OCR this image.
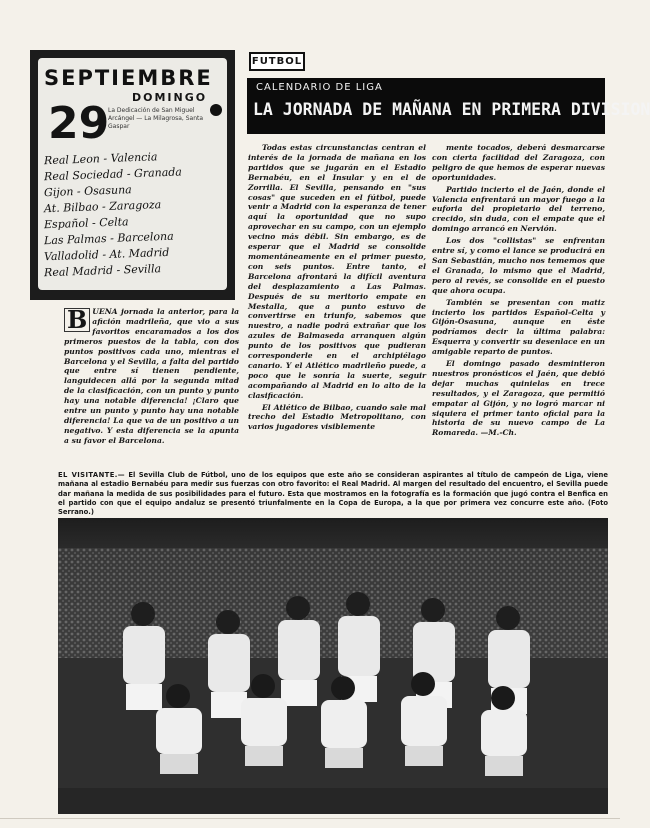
SEPTIEMBRE
DOMINGO
29
La Dedicación de San Miguel Arcángel — La Milagrosa, Santa Gaspar
Real Leon - Valencia
Real Sociedad - Granada
Gijon - Osasuna
At. Bilbao - Zaragoza
Español - Celta
Las Palmas - Barcelona
Valladolid - At. Madrid
Real Madrid - Sevilla
FUTBOL
CALENDARIO DE LIGA
LA JORNADA DE MAÑANA EN PRIMERA DIVISION

Todas estas circunstancias centran el interés de la jornada de mañana en los partidos que se jugarán en el Estadio Bernabéu, en el Insular y en el de Zorrilla. El Sevilla, pensando en "sus cosas" que suceden en el fútbol, puede venir a Madrid con la esperanza de tener aquí la oportunidad que no supo aprovechar en su campo, con un ejemplo vecino más débil. Sin embargo, es de esperar que el Madrid se consolide momentáneamente en el primer puesto, con seis puntos. Entre tanto, el Barcelona afrontará la difícil aventura del desplazamiento a Las Palmas. Después de su meritorio empate en Mestalla, que a punto estuvo de convertirse en triunfo, sabemos que nuestro, a nadie podrá extrañar que los azules de Balmaseda arranquen algún punto de los positivos que pudieran corresponderle en el archipiélago canario. Y el Atlético madrileño puede, a poco que le sonría la suerte, seguir acompañando al Madrid en lo alto de la clasificación.

El Atlético de Bilbao, cuando sale mal trecho del Estadio Metropolitano, con varios jugadores visiblemente

mente tocados, deberá desmarcarse con cierta facilidad del Zaragoza, con peligro de que hemos de esperar nuevas oportunidades.

Partido incierto el de Jaén, donde el Valencia enfrentará un mayor fuego a la euforia del propietario del terreno, crecido, sin duda, con el empate que el domingo arrancó en Nervión.

Los dos "collistas" se enfrentan entre sí, y como el lance se producirá en San Sebastián, mucho nos tememos que el Granada, lo mismo que el Madrid, pero al revés, se consolide en el puesto que ahora ocupa.

También se presentan con matiz incierto los partidos Español-Celta y Gijón-Osasuna, aunque en éste podríamos decir la última palabra: Esquerra y convertir su desenlace en un amigable reparto de puntos.

El domingo pasado desmintieron nuestros pronósticos el Jaén, que debió dejar muchas quinielas en trece resultados, y el Zaragoza, que permitió empatar al Gijón, y no logró marcar ni siquiera el primer tanto oficial para la historia de su nuevo campo de La Romareda. —M.-Ch.

B UENA jornada la anterior, para la afición madrileña, que vio a sus favoritos encaramados a los dos primeros puestos de la tabla, con dos puntos positivos cada uno, mientras el Barcelona y el Sevilla, a falta del partido que entre sí tienen pendiente, languidecen allá por la segunda mitad de la clasificación, con un punto y punto hay una notable diferencia! ¡Claro que entre un punto y punto hay una notable diferencia! La que va de un positivo a un negativo. Y esta diferencia se la apunta a su favor el Barcelona.

EL VISITANTE.— El Sevilla Club de Fútbol, uno de los equipos que este año se consideran aspirantes al título de campeón de Liga, viene mañana al estadio Bernabéu para medir sus fuerzas con otro favorito: el Real Madrid. Al margen del resultado del encuentro, el Sevilla puede dar mañana la medida de sus posibilidades para el futuro. Esta que mostramos en la fotografía es la formación que jugó contra el Benfica en el partido con que el equipo andaluz se presentó triunfalmente en la Copa de Europa, a la que por primera vez concurre este año. (Foto Serrano.)
